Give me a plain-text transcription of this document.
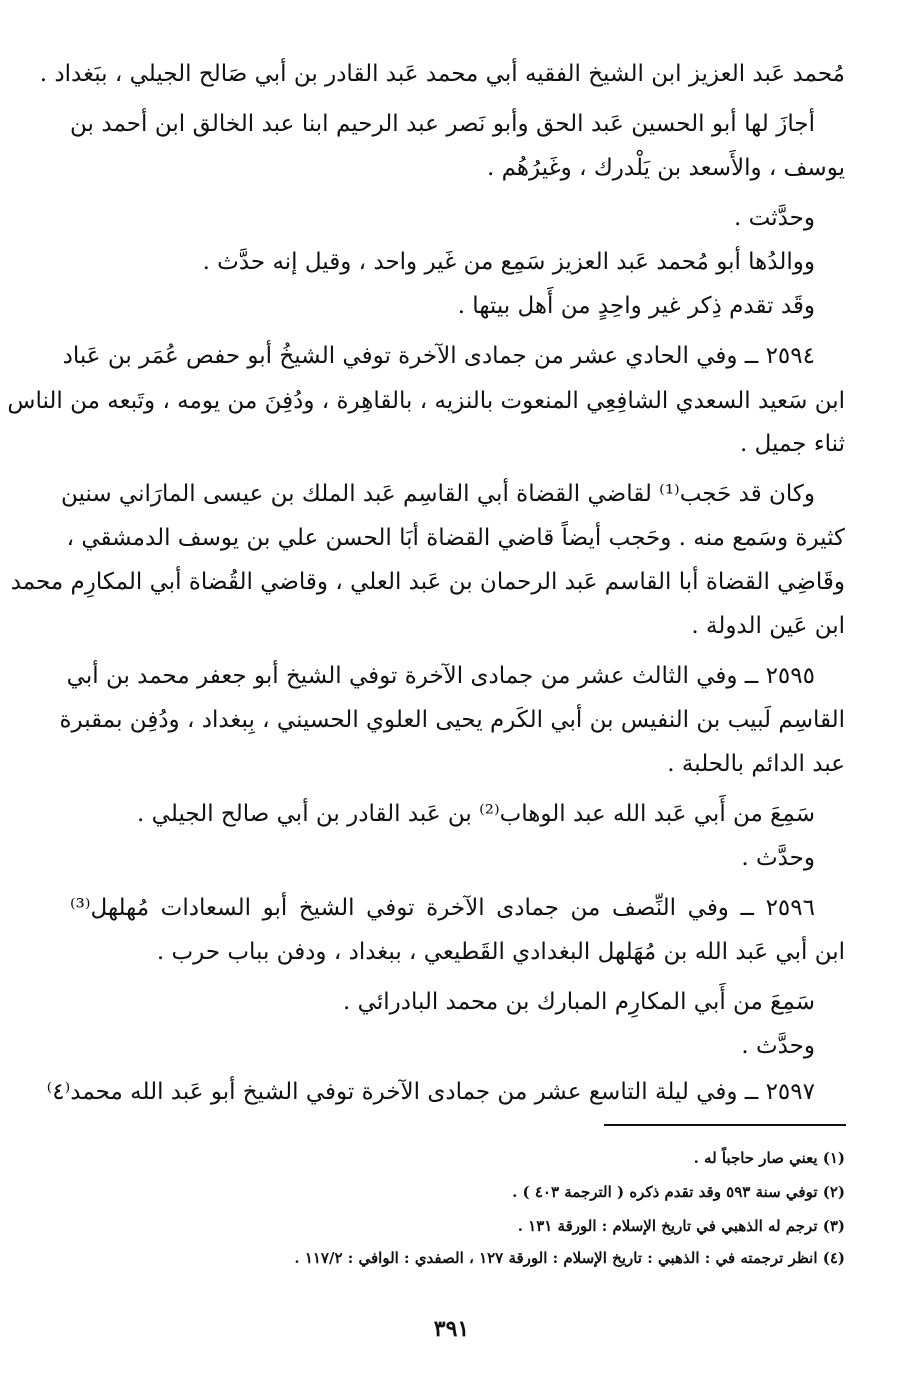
مُحمد عَبد العزيز ابن الشيخ الفقيه أبي محمد عَبد القادر بن أبي صَالح الجيلي ، ببَغداد .
أجازَ لها أبو الحسين عَبد الحق وأبو نَصر عبد الرحيم ابنا عبد الخالق ابن أحمد بن
يوسف ، والأَسعد بن يَلْدرك ، وغَيرُهُم .
وحدَّثت .
ووالدُها أبو مُحمد عَبد العزيز سَمِع من غَير واحد ، وقيل إنه حدَّث .
وقَد تقدم ذِكر غير واحِدٍ من أَهل بيتها .
٢٥٩٤ ــ وفي الحادي عشر من جمادى الآخرة توفي الشيخُ أبو حفص عُمَر بن عَباد
ابن سَعيد السعدي الشافِعِي المنعوت بالنزيه ، بالقاهِرة ، ودُفِنَ من يومه ، وتَبعه من الناس
ثناء جميل .
وكان قد حَجب⁽¹⁾ لقاضي القضاة أبي القاسِم عَبد الملك بن عيسى المارَاني سنين
كثيرة وسَمع منه . وحَجب أيضاً قاضي القضاة أبَا الحسن علي بن يوسف الدمشقي ،
وقَاضِي القضاة أبا القاسم عَبد الرحمان بن عَبد العلي ، وقاضي القُضاة أبي المكارِم محمد
ابن عَين الدولة .
٢٥٩٥ ــ وفي الثالث عشر من جمادى الآخرة توفي الشيخ أبو جعفر محمد بن أبي
القاسِم لَبيب بن النفيس بن أبي الكَرم يحيى العلوي الحسيني ، بِبغداد ، ودُفِن بمقبرة
عبد الدائم بالحلبة .
سَمِعَ من أَبي عَبد الله عبد الوهاب⁽²⁾ بن عَبد القادر بن أبي صالح الجيلي .
وحدَّث .
٢٥٩٦ ــ وفي النِّصف من جمادى الآخرة توفي الشيخ أبو السعادات مُهلهل⁽³⁾
ابن أبي عَبد الله بن مُهَلهل البغدادي القَطيعي ، ببغداد ، ودفن بباب حرب .
سَمِعَ من أَبي المكارِم المبارك بن محمد البادرائي .
وحدَّث .
٢٥٩٧ ــ وفي ليلة التاسع عشر من جمادى الآخرة توفي الشيخ أبو عَبد الله محمد⁽٤⁾
(١) يعني صار حاجباً له .
(٢) توفي سنة ٥٩٣ وقد تقدم ذكره ( الترجمة ٤٠٣ ) .
(٣) ترجم له الذهبي في تاريخ الإسلام : الورقة ١٣١ .
(٤) انظر ترجمته في : الذهبي : تاريخ الإسلام : الورقة ١٢٧ ، الصفدي : الوافي : ١١٧/٢ .
٣٩١
